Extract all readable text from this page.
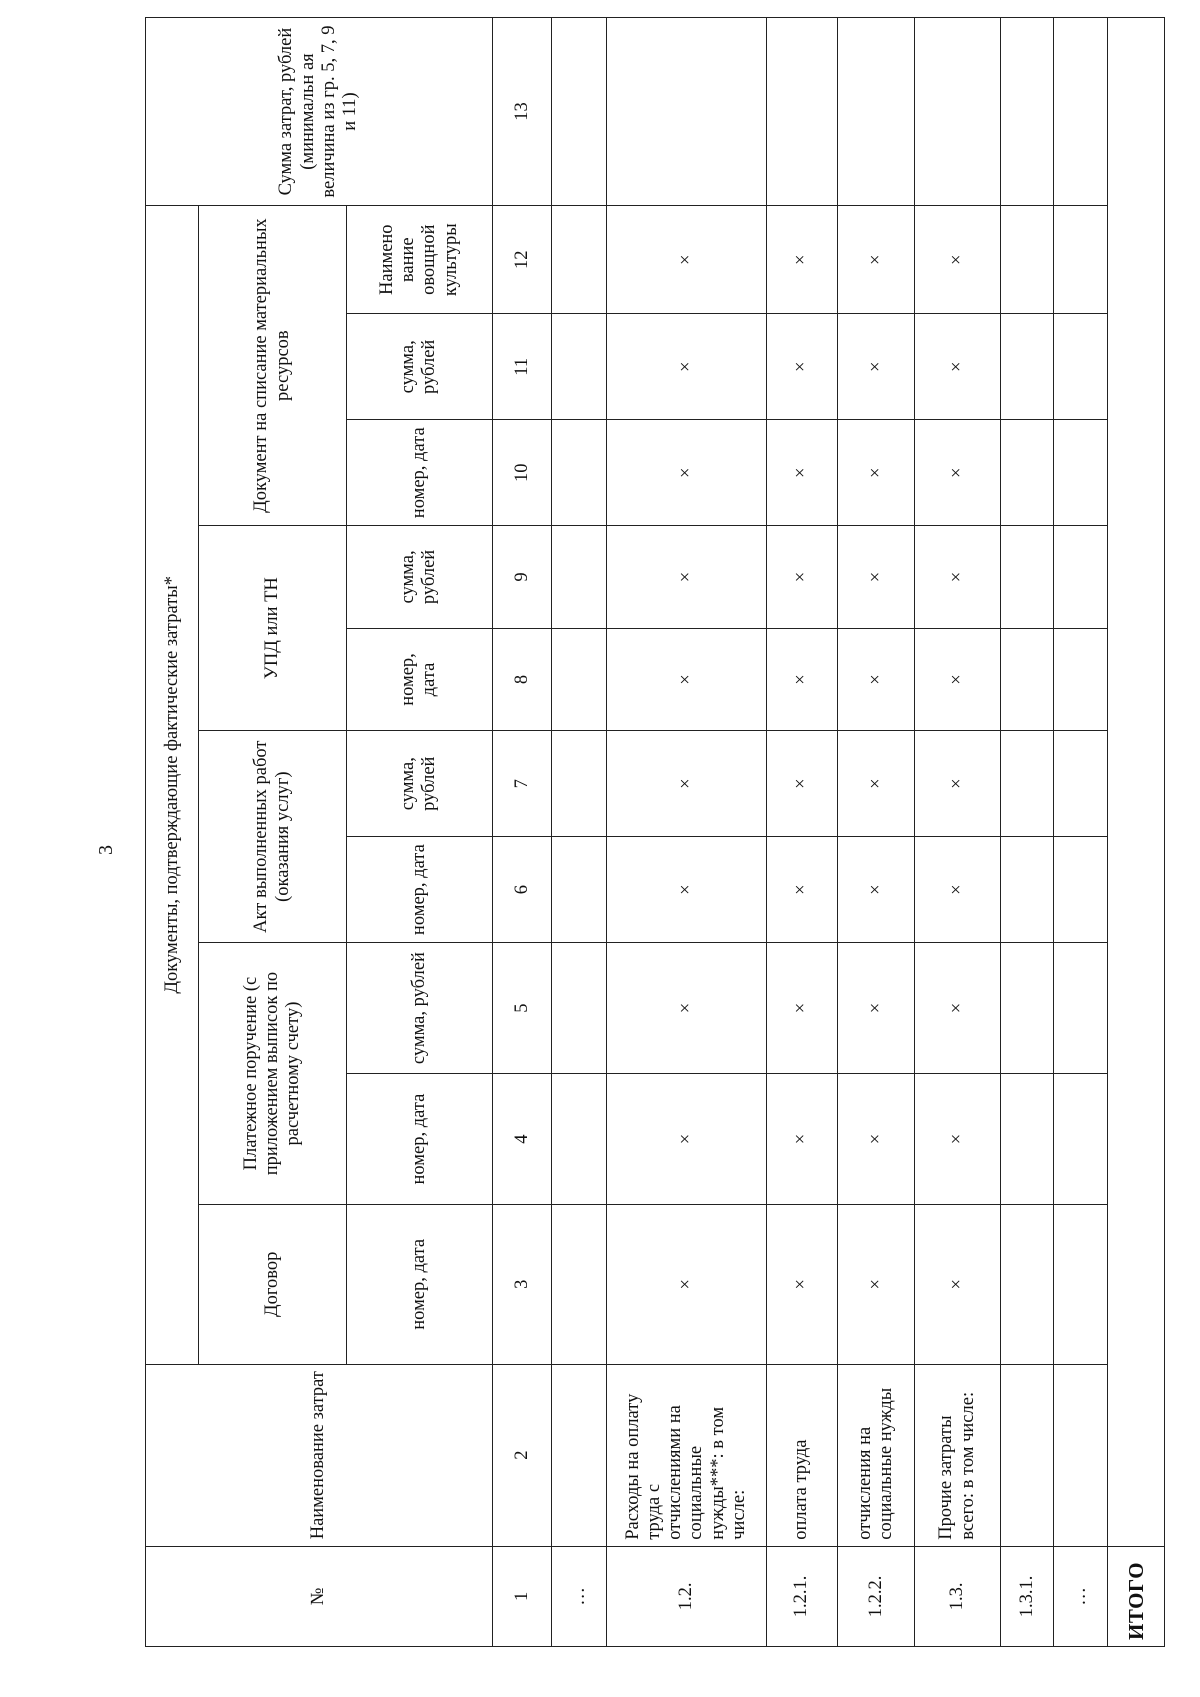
3
№	Наименование затрат	Документы, подтверждающие фактические затраты*										Сумма затрат, рублей (минимальн ая величина из гр. 5, 7, 9 и 11)
		Договор	Платежное поручение (с приложением выписок по расчетному счету)		Акт выполненных работ (оказания услуг)		УПД или ТН		Документ на списание материальных ресурсов			
		номер, дата	номер, дата	сумма, рублей	номер, дата	сумма, рублей	номер, дата	сумма, рублей	номер, дата	сумма, рублей	Наимено вание овощной культуры	
1	2	3	4	5	6	7	8	9	10	11	12	13
…												
1.2.	Расходы на оплату труда с отчислениями на социальные нужды***: в том числе:	×	×	×	×	×	×	×	×	×	×	
1.2.1.	оплата труда	×	×	×	×	×	×	×	×	×	×	
1.2.2.	отчисления на социальные нужды	×	×	×	×	×	×	×	×	×	×	
1.3.	Прочие затраты всего: в том числе:	×	×	×	×	×	×	×	×	×	×	
1.3.1.												
…												
ИТОГО												
